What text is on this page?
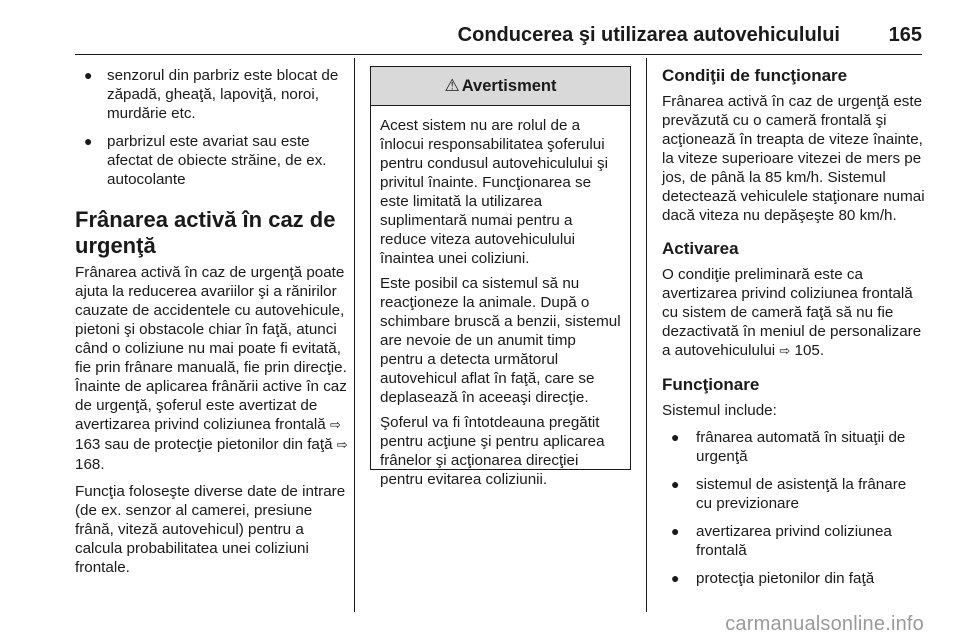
Conducerea şi utilizarea autovehiculului 165
● senzorul din parbriz este blocat de zăpadă, gheaţă, lapoviţă, noroi, murdărie etc.
● parbrizul este avariat sau este afectat de obiecte străine, de ex. autocolante
Frânarea activă în caz de urgenţă

Frânarea activă în caz de urgenţă poate ajuta la reducerea avariilor şi a rănirilor cauzate de accidentele cu autovehicule, pietoni şi obstacole chiar în faţă, atunci când o coliziune nu mai poate fi evitată, fie prin frânare manuală, fie prin direcţie. Înainte de aplicarea frânării active în caz de urgenţă, şoferul este avertizat de avertizarea privind coliziunea frontală ⇨ 163 sau de protecţie pietonilor din faţă ⇨ 168.

Funcţia foloseşte diverse date de intrare (de ex. senzor al camerei, presiune frână, viteză autovehicul) pentru a calcula probabilitatea unei coliziuni frontale.

⚠ Avertisment

Acest sistem nu are rolul de a înlocui responsabilitatea şoferului pentru condusul autovehiculului şi privitul înainte. Funcţionarea se este limitată la utilizarea suplimentară numai pentru a reduce viteza autovehiculului înaintea unei coliziuni.

Este posibil ca sistemul să nu reacţioneze la animale. După o schimbare bruscă a benzii, sistemul are nevoie de un anumit timp pentru a detecta următorul autovehicul aflat în faţă, care se deplasează în aceeaşi direcţie.

Şoferul va fi întotdeauna pregătit pentru acţiune şi pentru aplicarea frânelor şi acţionarea direcţiei pentru evitarea coliziunii.

Condiţii de funcţionare

Frânarea activă în caz de urgenţă este prevăzută cu o cameră frontală şi acţionează în treapta de viteze înainte, la viteze superioare vitezei de mers pe jos, de până la 85 km/h. Sistemul detectează vehiculele staţionare numai dacă viteza nu depăşeşte 80 km/h.

Activarea

O condiţie preliminară este ca avertizarea privind coliziunea frontală cu sistem de cameră faţă să nu fie dezactivată în meniul de personalizare a autovehiculului ⇨ 105.

Funcţionare

Sistemul include:

● frânarea automată în situaţii de urgenţă
● sistemul de asistenţă la frânare cu previzionare
● avertizarea privind coliziunea frontală
● protecţia pietonilor din faţă
carmanualsonline.info
